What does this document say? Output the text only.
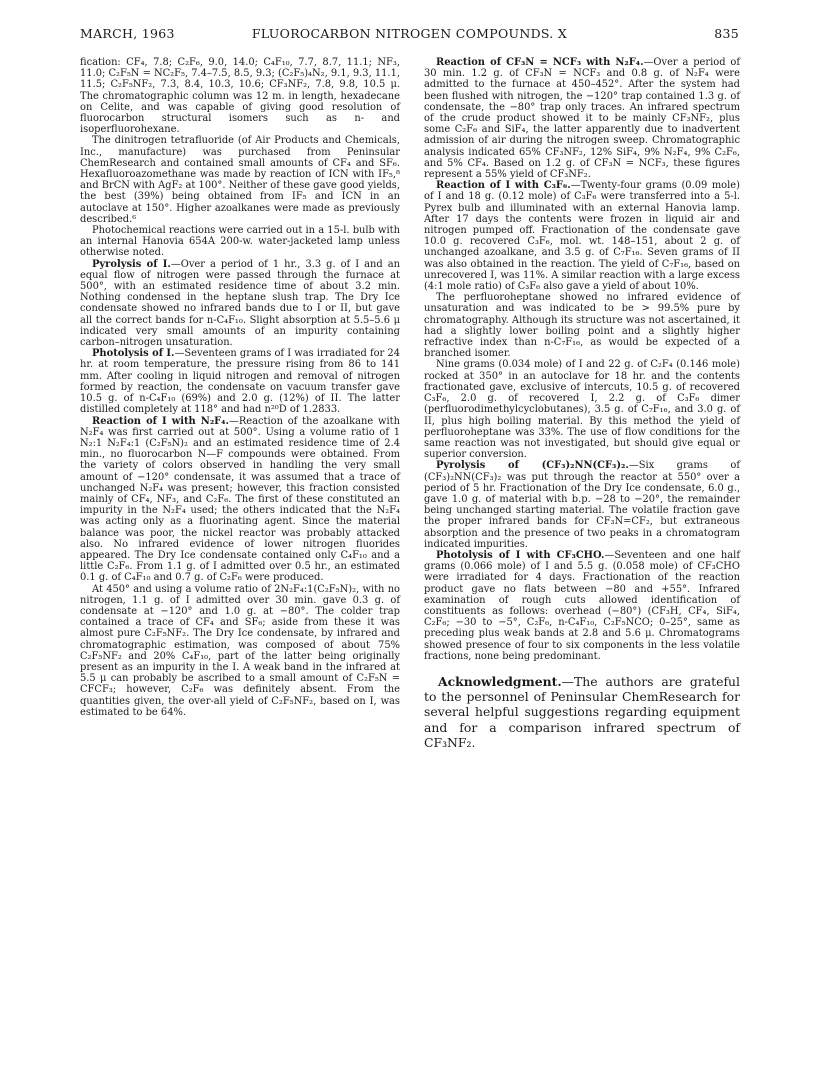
MARCH, 1963	FLUOROCARBON NITROGEN COMPOUNDS. X	835

fication: CF₄, 7.8; C₂F₆, 9.0, 14.0; C₄F₁₀, 7.7, 8.7, 11.1; NF₃, 11.0; C₂F₅N = NC₂F₅, 7.4–7.5, 8.5, 9.3; (C₂F₅)₄N₂, 9.1, 9.3, 11.1, 11.5; C₂F₅NF₂, 7.3, 8.4, 10.3, 10.6; CF₃NF₂, 7.8, 9.8, 10.5 μ. The chromatographic column was 12 m. in length, hexadecane on Celite, and was capable of giving good resolution of fluorocarbon structural isomers such as n- and isoperfluorohexane.

The dinitrogen tetrafluoride (of Air Products and Chemicals, Inc., manufacture) was purchased from Peninsular ChemResearch and contained small amounts of CF₄ and SF₆. Hexafluoroazomethane was made by reaction of ICN with IF₅,⁸ and BrCN with AgF₂ at 100°. Neither of these gave good yields, the best (39%) being obtained from IF₅ and ICN in an autoclave at 150°. Higher azoalkanes were made as previously described.⁶

Photochemical reactions were carried out in a 15-l. bulb with an internal Hanovia 654A 200-w. water-jacketed lamp unless otherwise noted.

Pyrolysis of I.—Over a period of 1 hr., 3.3 g. of I and an equal flow of nitrogen were passed through the furnace at 500°, with an estimated residence time of about 3.2 min. Nothing condensed in the heptane slush trap. The Dry Ice condensate showed no infrared bands due to I or II, but gave all the correct bands for n-C₄F₁₀. Slight absorption at 5.5–5.6 μ indicated very small amounts of an impurity containing carbon–nitrogen unsaturation.

Photolysis of I.—Seventeen grams of I was irradiated for 24 hr. at room temperature, the pressure rising from 86 to 141 mm. After cooling in liquid nitrogen and removal of nitrogen formed by reaction, the condensate on vacuum transfer gave 10.5 g. of n-C₄F₁₀ (69%) and 2.0 g. (12%) of II. The latter distilled completely at 118° and had n²⁰D of 1.2833.

Reaction of I with N₂F₄.—Reaction of the azoalkane with N₂F₄ was first carried out at 500°. Using a volume ratio of 1 N₂:1 N₂F₄:1 (C₂F₅N)₂ and an estimated residence time of 2.4 min., no fluorocarbon N—F compounds were obtained. From the variety of colors observed in handling the very small amount of −120° condensate, it was assumed that a trace of unchanged N₂F₄ was present; however, this fraction consisted mainly of CF₄, NF₃, and C₂F₆. The first of these constituted an impurity in the N₂F₄ used; the others indicated that the N₂F₄ was acting only as a fluorinating agent. Since the material balance was poor, the nickel reactor was probably attacked also. No infrared evidence of lower nitrogen fluorides appeared. The Dry Ice condensate contained only C₄F₁₀ and a little C₂F₆. From 1.1 g. of I admitted over 0.5 hr., an estimated 0.1 g. of C₄F₁₀ and 0.7 g. of C₂F₆ were produced.

At 450° and using a volume ratio of 2N₂F₄:1(C₂F₅N)₂, with no nitrogen, 1.1 g. of I admitted over 30 min. gave 0.3 g. of condensate at −120° and 1.0 g. at −80°. The colder trap contained a trace of CF₄ and SF₆; aside from these it was almost pure C₂F₅NF₂. The Dry Ice condensate, by infrared and chromatographic estimation, was composed of about 75% C₂F₅NF₂ and 20% C₄F₁₀, part of the latter being originally present as an impurity in the I. A weak band in the infrared at 5.5 μ can probably be ascribed to a small amount of C₂F₅N = CFCF₃; however, C₂F₆ was definitely absent. From the quantities given, the over-all yield of C₂F₅NF₂, based on I, was estimated to be 64%.

Reaction of CF₃N = NCF₃ with N₂F₄.—Over a period of 30 min. 1.2 g. of CF₃N = NCF₃ and 0.8 g. of N₂F₄ were admitted to the furnace at 450–452°. After the system had been flushed with nitrogen, the −120° trap contained 1.3 g. of condensate, the −80° trap only traces. An infrared spectrum of the crude product showed it to be mainly CF₃NF₂, plus some C₂F₆ and SiF₄, the latter apparently due to inadvertent admission of air during the nitrogen sweep. Chromatographic analysis indicated 65% CF₃NF₂, 12% SiF₄, 9% N₂F₄, 9% C₂F₆, and 5% CF₄. Based on 1.2 g. of CF₃N = NCF₃, these figures represent a 55% yield of CF₃NF₂.

Reaction of I with C₃F₆.—Twenty-four grams (0.09 mole) of I and 18 g. (0.12 mole) of C₃F₆ were transferred into a 5-l. Pyrex bulb and illuminated with an external Hanovia lamp. After 17 days the contents were frozen in liquid air and nitrogen pumped off. Fractionation of the condensate gave 10.0 g. recovered C₃F₆, mol. wt. 148–151, about 2 g. of unchanged azoalkane, and 3.5 g. of C₇F₁₆. Seven grams of II was also obtained in the reaction. The yield of C₇F₁₆, based on unrecovered I, was 11%. A similar reaction with a large excess (4:1 mole ratio) of C₃F₆ also gave a yield of about 10%.

The perfluoroheptane showed no infrared evidence of unsaturation and was indicated to be > 99.5% pure by chromatography. Although its structure was not ascertained, it had a slightly lower boiling point and a slightly higher refractive index than n-C₇F₁₆, as would be expected of a branched isomer.

Nine grams (0.034 mole) of I and 22 g. of C₂F₄ (0.146 mole) rocked at 350° in an autoclave for 18 hr. and the contents fractionated gave, exclusive of intercuts, 10.5 g. of recovered C₃F₆, 2.0 g. of recovered I, 2.2 g. of C₃F₆ dimer (perfluorodimethylcyclobutanes), 3.5 g. of C₇F₁₆, and 3.0 g. of II, plus high boiling material. By this method the yield of perfluoroheptane was 33%. The use of flow conditions for the same reaction was not investigated, but should give equal or superior conversion.

Pyrolysis of (CF₃)₂NN(CF₃)₂.—Six grams of (CF₃)₂NN(CF₃)₂ was put through the reactor at 550° over a period of 5 hr. Fractionation of the Dry Ice condensate, 6.0 g., gave 1.0 g. of material with b.p. −28 to −20°, the remainder being unchanged starting material. The volatile fraction gave the proper infrared bands for CF₃N=CF₂, but extraneous absorption and the presence of two peaks in a chromatogram indicated impurities.

Photolysis of I with CF₃CHO.—Seventeen and one half grams (0.066 mole) of I and 5.5 g. (0.058 mole) of CF₃CHO were irradiated for 4 days. Fractionation of the reaction product gave no flats between −80 and +55°. Infrared examination of rough cuts allowed identification of constituents as follows: overhead (−80°) (CF₃H, CF₄, SiF₄, C₂F₆; −30 to −5°, C₂F₆, n-C₄F₁₀, C₂F₅NCO; 0–25°, same as preceding plus weak bands at 2.8 and 5.6 μ. Chromatograms showed presence of four to six components in the less volatile fractions, none being predominant.

Acknowledgment.—The authors are grateful to the personnel of Peninsular ChemResearch for several helpful suggestions regarding equipment and for a comparison infrared spectrum of CF₃NF₂.
